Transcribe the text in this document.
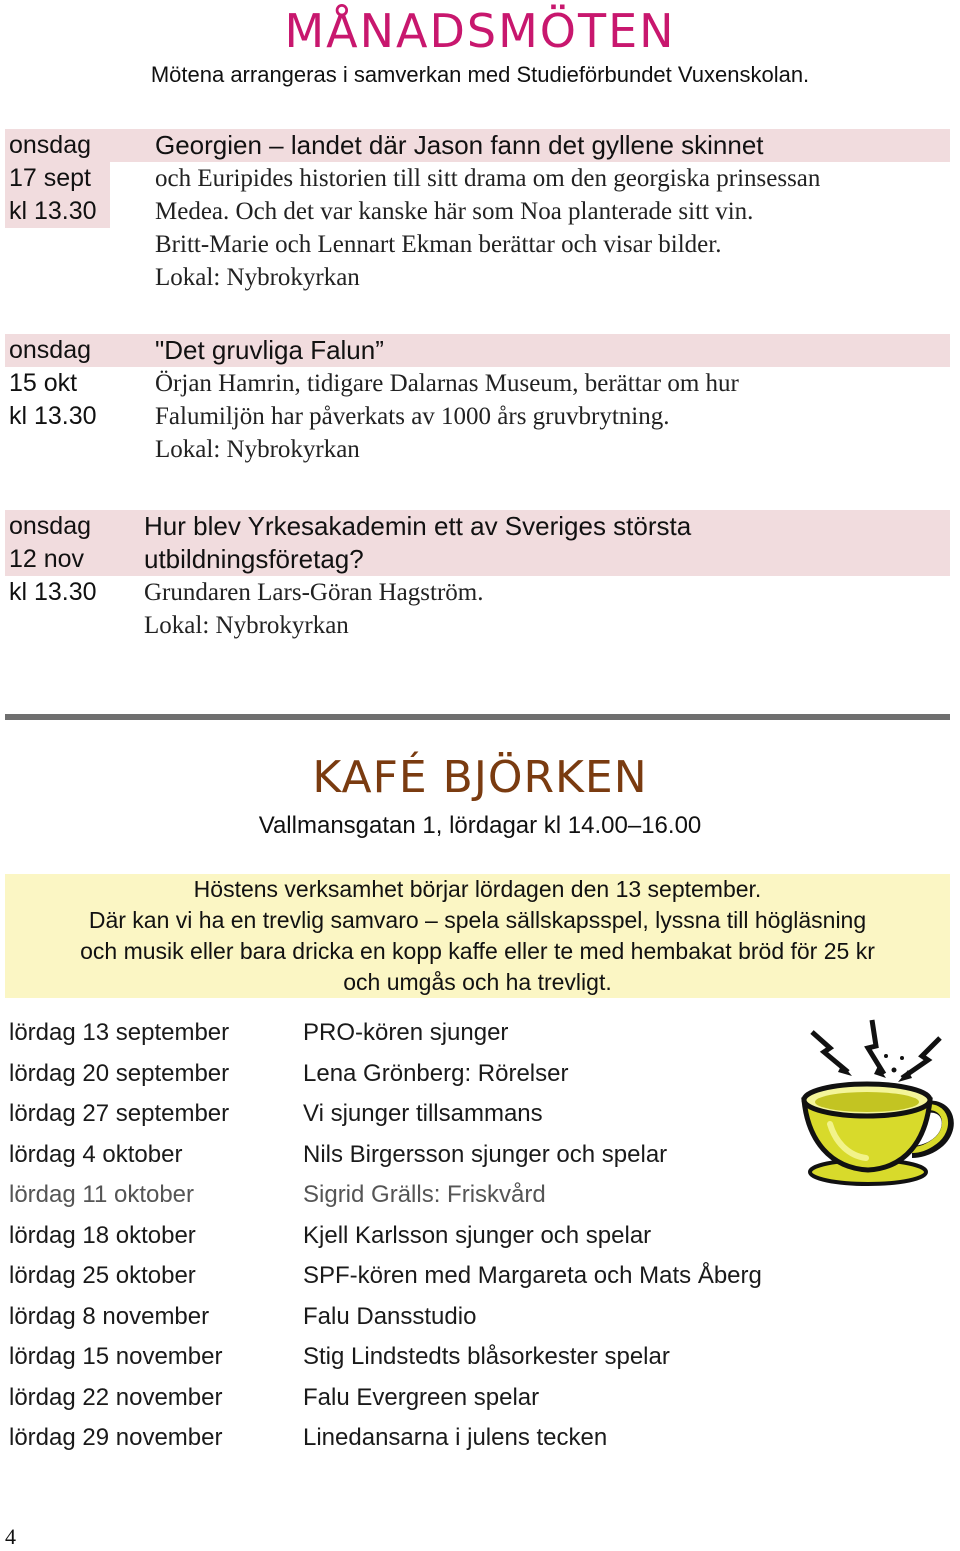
MÅNADSMÖTEN
Mötena arrangeras i samverkan med Studieförbundet Vuxenskolan.
onsdag
17 sept
kl 13.30
Georgien – landet där Jason fann det gyllene skinnet
och Euripides historien till sitt drama om den georgiska prinsessan
Medea. Och det var kanske här som Noa planterade sitt vin.
Britt-Marie och Lennart Ekman berättar och visar bilder.
Lokal: Nybrokyrkan
onsdag
15 okt
kl 13.30
"Det gruvliga Falun”
Örjan Hamrin, tidigare Dalarnas Museum, berättar om hur
Falumiljön har påverkats av 1000 års gruvbrytning.
Lokal: Nybrokyrkan
onsdag
12 nov
kl 13.30
Hur blev Yrkesakademin ett av Sveriges största
utbildningsföretag?
Grundaren Lars-Göran Hagström.
Lokal: Nybrokyrkan
KAFÉ BJÖRKEN
Vallmansgatan 1, lördagar kl 14.00–16.00

Höstens verksamhet börjar lördagen den 13 september.

Där kan vi ha en trevlig samvaro – spela sällskapsspel, lyssna till högläsning

och musik eller bara dricka en kopp kaffe eller te med hembakat bröd för 25 kr

och umgås och ha trevligt.

lördag 13 september	PRO-kören sjunger
lördag 20 september	Lena Grönberg: Rörelser
lördag 27 september	Vi sjunger tillsammans
lördag 4 oktober	Nils Birgersson sjunger och spelar
lördag 11 oktober	Sigrid Grälls: Friskvård
lördag 18 oktober	Kjell Karlsson sjunger och spelar
lördag 25 oktober	SPF-kören med Margareta och Mats Åberg
lördag 8 november	Falu Dansstudio
lördag 15 november	Stig Lindstedts blåsorkester spelar
lördag 22 november	Falu Evergreen spelar
lördag 29 november	Linedansarna i julens tecken
4
